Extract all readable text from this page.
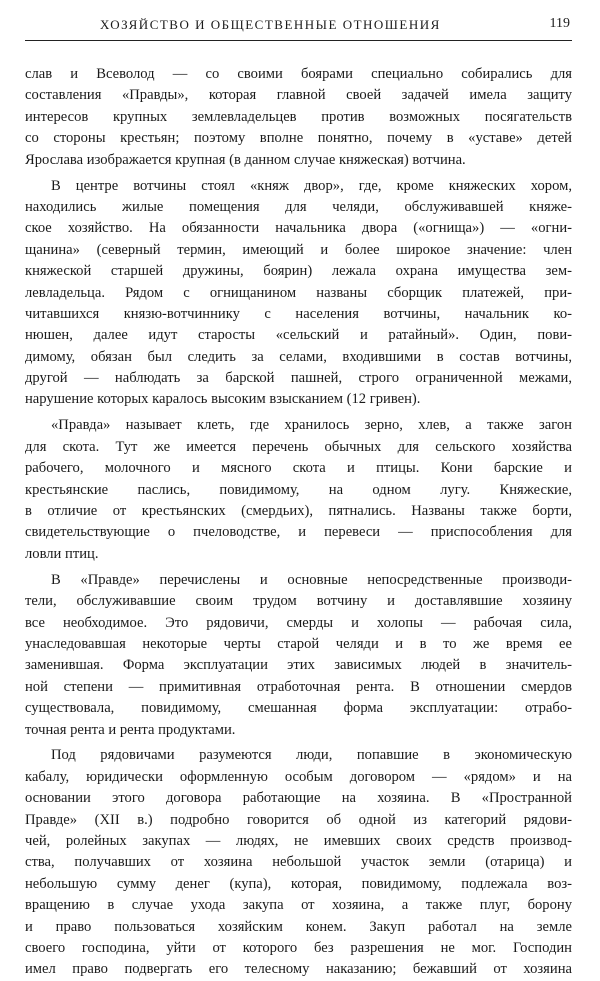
ХОЗЯЙСТВО И ОБЩЕСТВЕННЫЕ ОТНОШЕНИЯ	119
слав и Всеволод — со своими боярами специально собирались для
составления «Правды», которая главной своей задачей имела защиту
интересов крупных землевладельцев против возможных посягательств
со стороны крестьян; поэтому вполне понятно, почему в «уставе» детей
Ярослава изображается крупная (в данном случае княжеская) вотчина.
В центре вотчины стоял «княж двор», где, кроме княжеских хором,
находились жилые помещения для челяди, обслуживавшей княже-
ское хозяйство. На обязанности начальника двора («огнища») — «огни-
щанина» (северный термин, имеющий и более широкое значение: член
княжеской старшей дружины, боярин) лежала охрана имущества зем-
левладельца. Рядом с огнищанином названы сборщик платежей, при-
читавшихся князю-вотчиннику с населения вотчины, начальник ко-
нюшен, далее идут старосты «сельский и ратайный». Один, пови-
димому, обязан был следить за селами, входившими в состав вотчины,
другой — наблюдать за барской пашней, строго ограниченной межами,
нарушение которых каралось высоким взысканием (12 гривен).
«Правда» называет клеть, где хранилось зерно, хлев, а также загон
для скота. Тут же имеется перечень обычных для сельского хозяйства
рабочего, молочного и мясного скота и птицы. Кони барские и
крестьянские паслись, повидимому, на одном лугу. Княжеские,
в отличие от крестьянских (смердьих), пятнались. Названы также борти,
свидетельствующие о пчеловодстве, и перевеси — приспособления для
ловли птиц.
В «Правде» перечислены и основные непосредственные производи-
тели, обслуживавшие своим трудом вотчину и доставлявшие хозяину
все необходимое. Это рядовичи, смерды и холопы — рабочая сила,
унаследовавшая некоторые черты старой челяди и в то же время ее
заменившая. Форма эксплуатации этих зависимых людей в значитель-
ной степени — примитивная отработочная рента. В отношении смердов
существовала, повидимому, смешанная форма эксплуатации: отрабо-
точная рента и рента продуктами.
Под рядовичами разумеются люди, попавшие в экономическую
кабалу, юридически оформленную особым договором — «рядом» и на
основании этого договора работающие на хозяина. В «Пространной
Правде» (XII в.) подробно говорится об одной из категорий рядови-
чей, ролейных закупах — людях, не имевших своих средств производ-
ства, получавших от хозяина небольшой участок земли (отарица) и
небольшую сумму денег (купа), которая, повидимому, подлежала воз-
вращению в случае ухода закупа от хозяина, а также плуг, борону
и право пользоваться хозяйским конем. Закуп работал на земле
своего господина, уйти от которого без разрешения не мог. Господин
имел право подвергать его телесному наказанию; бежавший от хозяина
